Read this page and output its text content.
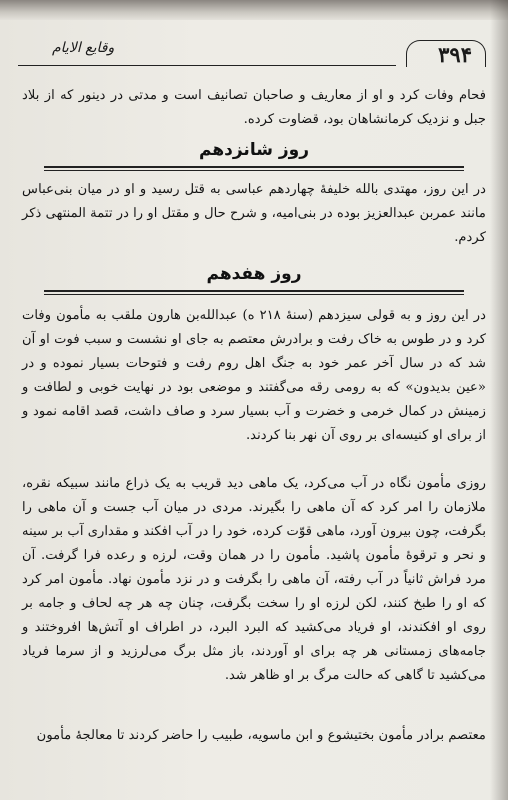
۳۹۴
وقایع الایام
فحام وفات کرد و او از معاریف و صاحبان تصانیف است و مدتی در دینور که از بلاد جبل و نزدیک کرمانشاهان بود، قضاوت کرده.
روز شانزدهم
در این روز، مهتدی بالله خلیفهٔ چهاردهم عباسی به قتل رسید و او در میان بنی‌عباس مانند عمربن عبدالعزیز بوده در بنی‌امیه، و شرح حال و مقتل او را در تتمة المنتهی ذکر کردم.
روز هفدهم
در این روز و به قولی سیزدهم (سنهٔ ۲۱۸ ه) عبدالله‌بن هارون ملقب به مأمون وفات کرد و در طوس به خاک رفت و برادرش معتصم به جای او نشست و سبب فوت او آن شد که در سال آخر عمر خود به جنگ اهل روم رفت و فتوحات بسیار نموده و در «عین بدیدون» که به رومی رقه می‌گفتند و موضعی بود در نهایت خوبی و لطافت و زمینش در کمال خرمی و خضرت و آب بسیار سرد و صاف داشت، قصد اقامه نمود و از برای او کنیسه‌ای بر روی آن نهر بنا کردند.
روزی مأمون نگاه در آب می‌کرد، یک ماهی دید قریب به یک ذراع مانند سبیکه نقره، ملازمان را امر کرد که آن ماهی را بگیرند. مردی در میان آب جست و آن ماهی را بگرفت، چون بیرون آورد، ماهی قوّت کرده، خود را در آب افکند و مقداری آب بر سینه و نحر و ترقوهٔ مأمون پاشید. مأمون را در همان وقت، لرزه و رعده فرا گرفت. آن مرد فراش ثانیاً در آب رفته، آن ماهی را بگرفت و در نزد مأمون نهاد. مأمون امر کرد که او را طبخ کنند، لکن لرزه او را سخت بگرفت، چنان چه هر چه لحاف و جامه بر روی او افکندند، او فریاد می‌کشید که البرد البرد، در اطراف او آتش‌ها افروختند و جامه‌های زمستانی هر چه برای او آوردند، باز مثل برگ می‌لرزید و از سرما فریاد می‌کشید تا گاهی که حالت مرگ بر او ظاهر شد.
معتصم برادر مأمون بختیشوع و ابن ماسویه، طبیب را حاضر کردند تا معالجهٔ مأمون
